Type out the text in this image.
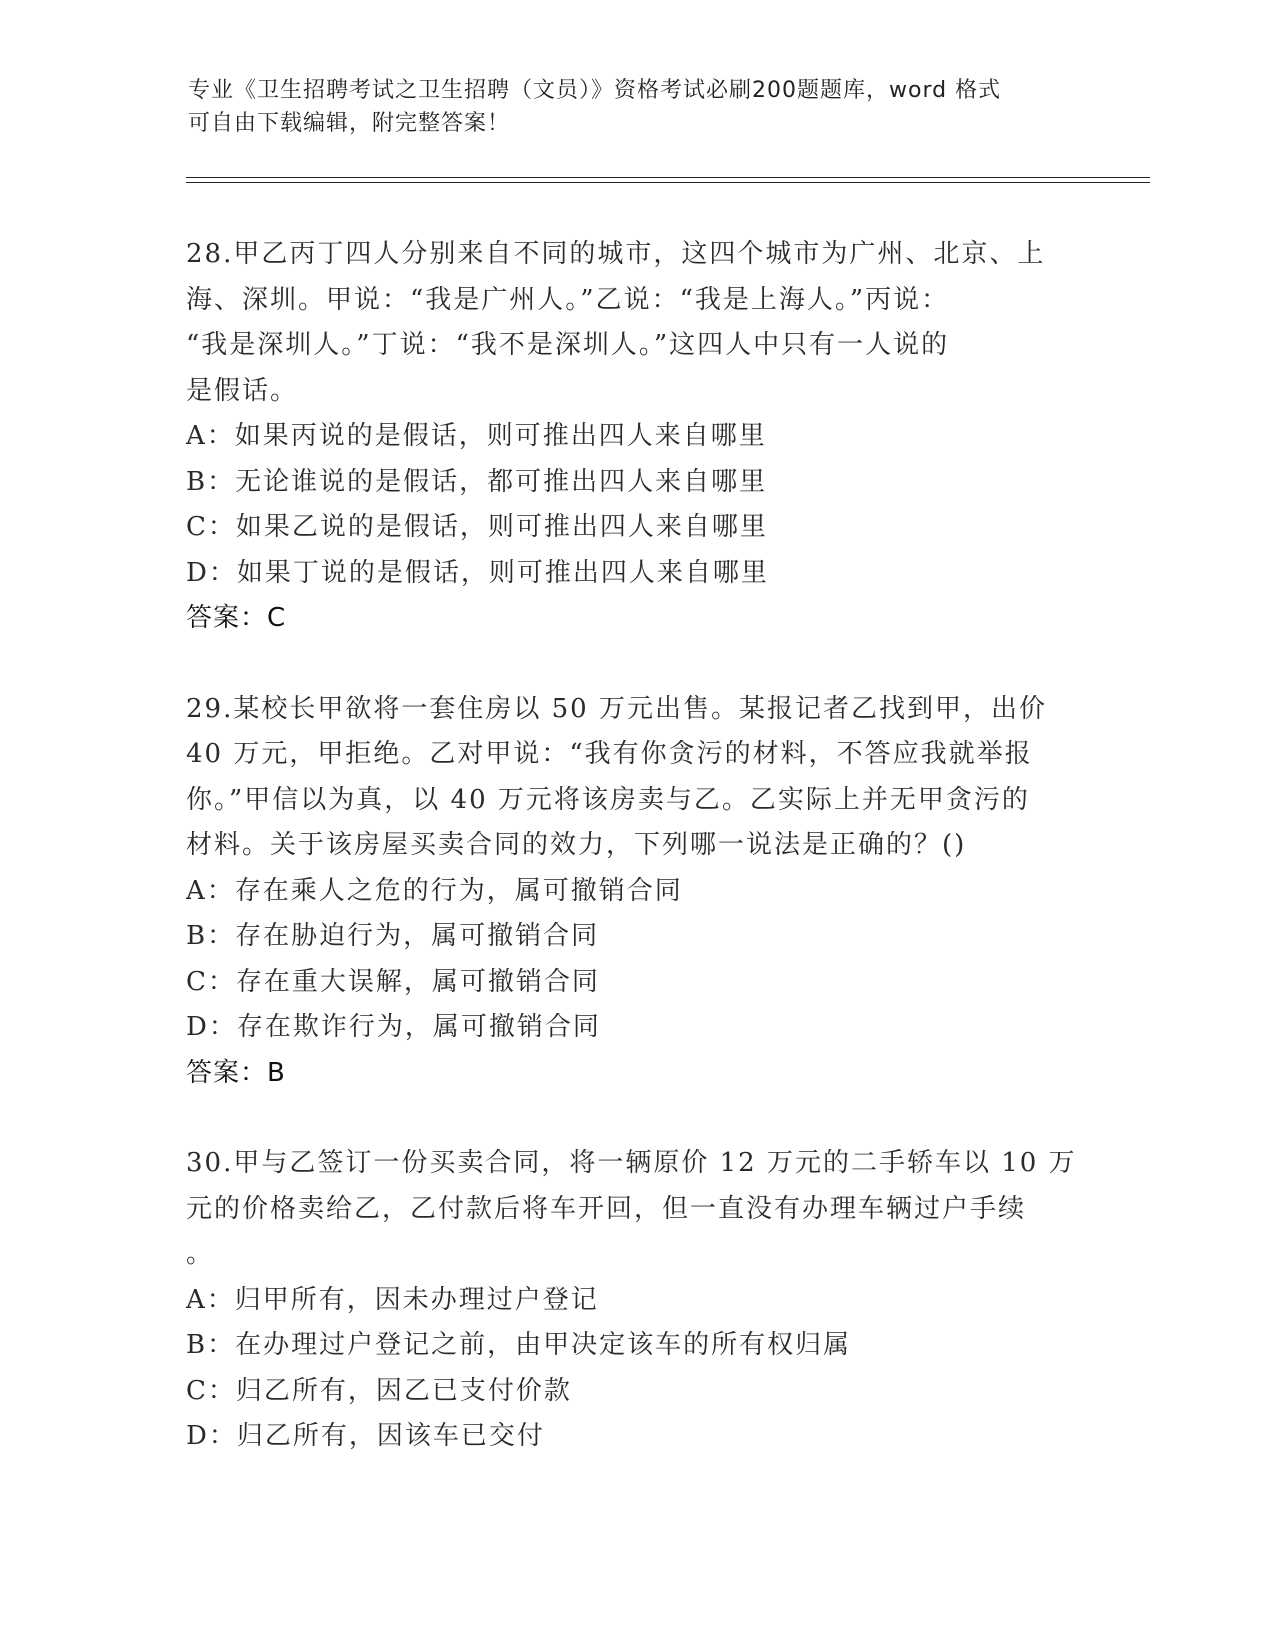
专业《卫生招聘考试之卫生招聘（文员）》资格考试必刷200题题库，word 格式
可自由下载编辑，附完整答案！
28.甲乙丙丁四人分别来自不同的城市，这四个城市为广州、北京、上
海、深圳。甲说：“我是广州人。”乙说：“我是上海人。”丙说：
“我是深圳人。”丁说：“我不是深圳人。”这四人中只有一人说的
是假话。
A：如果丙说的是假话，则可推出四人来自哪里
B：无论谁说的是假话，都可推出四人来自哪里
C：如果乙说的是假话，则可推出四人来自哪里
D：如果丁说的是假话，则可推出四人来自哪里
答案：C
29.某校长甲欲将一套住房以 50 万元出售。某报记者乙找到甲，出价
40 万元，甲拒绝。乙对甲说：“我有你贪污的材料，不答应我就举报
你。”甲信以为真，以 40 万元将该房卖与乙。乙实际上并无甲贪污的
材料。关于该房屋买卖合同的效力，下列哪一说法是正确的？()
A：存在乘人之危的行为，属可撤销合同
B：存在胁迫行为，属可撤销合同
C：存在重大误解，属可撤销合同
D：存在欺诈行为，属可撤销合同
答案：B
30.甲与乙签订一份买卖合同，将一辆原价 12 万元的二手轿车以 10 万
元的价格卖给乙，乙付款后将车开回，但一直没有办理车辆过户手续
。
A：归甲所有，因未办理过户登记
B：在办理过户登记之前，由甲决定该车的所有权归属
C：归乙所有，因乙已支付价款
D：归乙所有，因该车已交付
